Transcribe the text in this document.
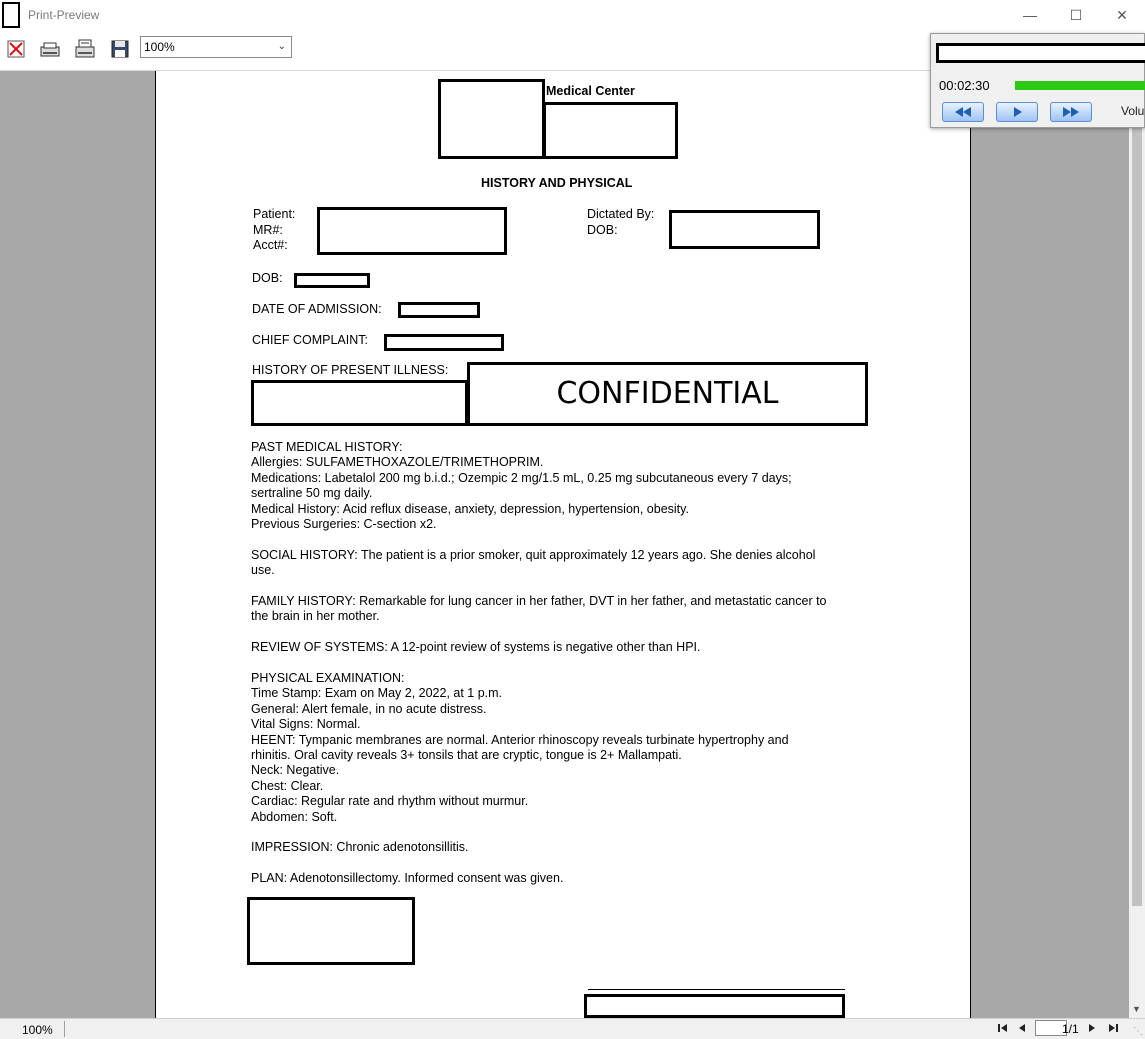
Print-Preview	—	☐	✕
100%	⌄
Medical Center
HISTORY AND PHYSICAL
Patient:
MR#:
Acct#:
Dictated By:
DOB:
DOB:
DATE OF ADMISSION:
CHIEF COMPLAINT:
HISTORY OF PRESENT ILLNESS:
CONFIDENTIAL

PAST MEDICAL HISTORY:

Allergies: SULFAMETHOXAZOLE/TRIMETHOPRIM.

Medications: Labetalol 200 mg b.i.d.; Ozempic 2 mg/1.5 mL, 0.25 mg subcutaneous every 7 days;

sertraline 50 mg daily.

Medical History: Acid reflux disease, anxiety, depression, hypertension, obesity.

Previous Surgeries: C-section x2.

SOCIAL HISTORY: The patient is a prior smoker, quit approximately 12 years ago. She denies alcohol

use.

FAMILY HISTORY: Remarkable for lung cancer in her father, DVT in her father, and metastatic cancer to

the brain in her mother.

REVIEW OF SYSTEMS: A 12-point review of systems is negative other than HPI.

PHYSICAL EXAMINATION:

Time Stamp: Exam on May 2, 2022, at 1 p.m.

General: Alert female, in no acute distress.

Vital Signs: Normal.

HEENT: Tympanic membranes are normal. Anterior rhinoscopy reveals turbinate hypertrophy and

rhinitis. Oral cavity reveals 3+ tonsils that are cryptic, tongue is 2+ Mallampati.

Neck: Negative.

Chest: Clear.

Cardiac: Regular rate and rhythm without murmur.

Abdomen: Soft.

IMPRESSION: Chronic adenotonsillitis.

PLAN: Adenotonsillectomy. Informed consent was given.

▼
00:02:30
Volu
100%	1/1	⋱
